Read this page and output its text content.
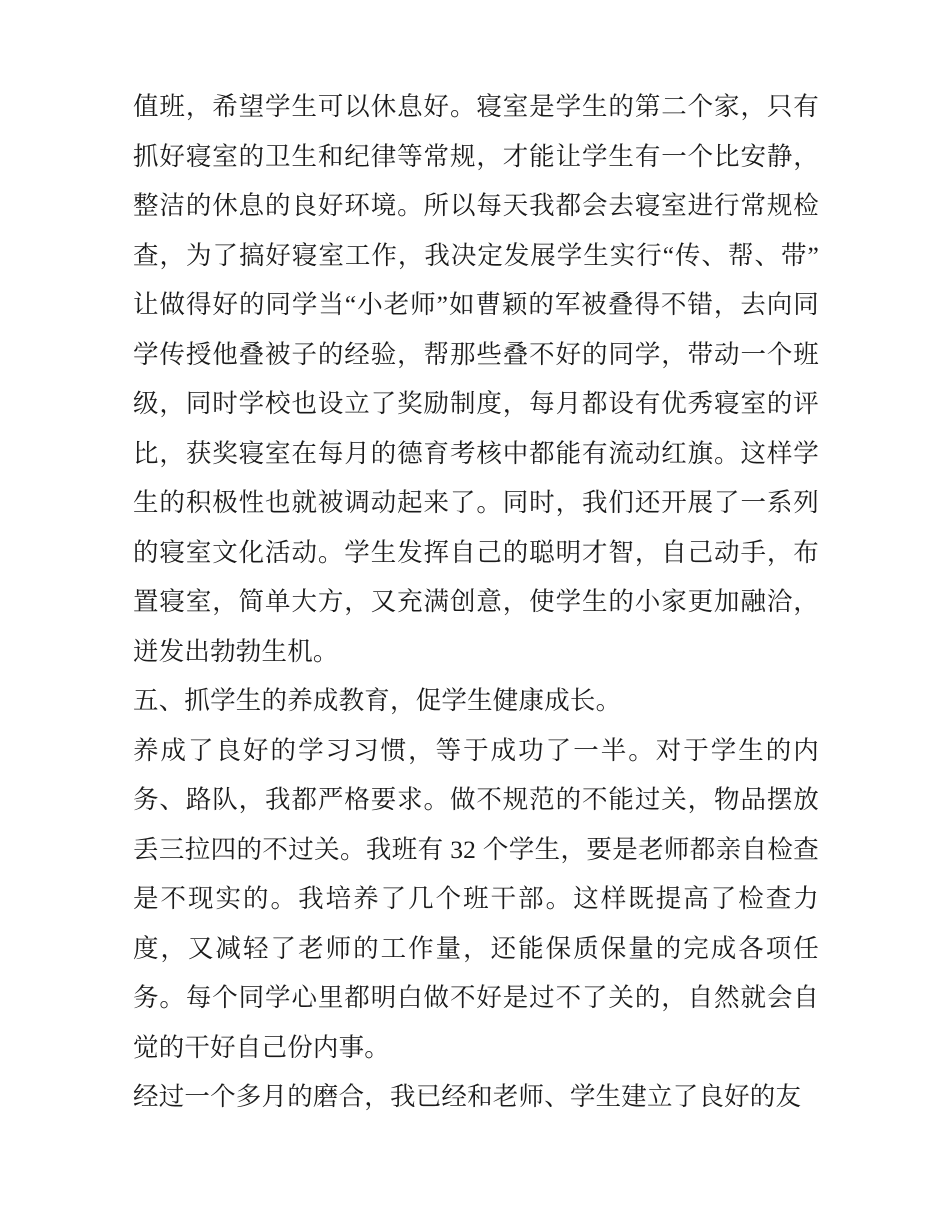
值班，希望学生可以休息好。寝室是学生的第二个家，只有抓好寝室的卫生和纪律等常规，才能让学生有一个比安静，整洁的休息的良好环境。所以每天我都会去寝室进行常规检查，为了搞好寝室工作，我决定发展学生实行“传、帮、带”让做得好的同学当“小老师”如曹颖的军被叠得不错，去向同学传授他叠被子的经验，帮那些叠不好的同学，带动一个班级，同时学校也设立了奖励制度，每月都设有优秀寝室的评比，获奖寝室在每月的德育考核中都能有流动红旗。这样学生的积极性也就被调动起来了。同时，我们还开展了一系列的寝室文化活动。学生发挥自己的聪明才智，自己动手，布置寝室，简单大方，又充满创意，使学生的小家更加融洽，迸发出勃勃生机。

五、抓学生的养成教育，促学生健康成长。

养成了良好的学习习惯，等于成功了一半。对于学生的内务、路队，我都严格要求。做不规范的不能过关，物品摆放丢三拉四的不过关。我班有 32 个学生，要是老师都亲自检查是不现实的。我培养了几个班干部。这样既提高了检查力度，又减轻了老师的工作量，还能保质保量的完成各项任务。每个同学心里都明白做不好是过不了关的，自然就会自觉的干好自己份内事。

经过一个多月的磨合，我已经和老师、学生建立了良好的友
